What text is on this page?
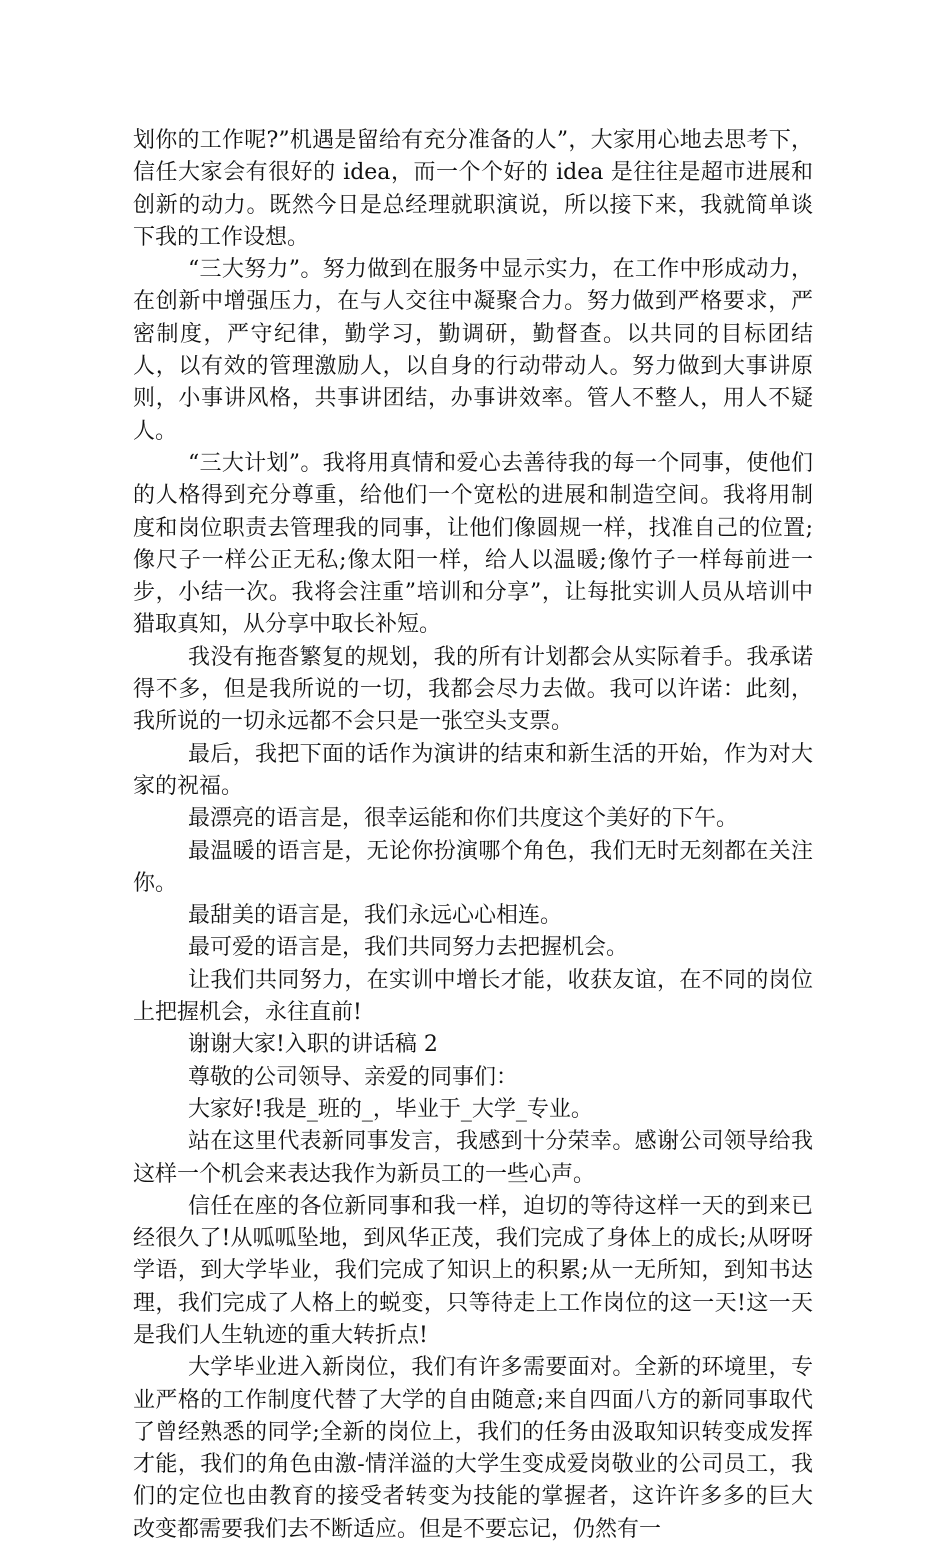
划你的工作呢?”机遇是留给有充分准备的人”，大家用心地去思考下，信任大家会有很好的 idea，而一个个好的 idea 是往往是超市进展和创新的动力。既然今日是总经理就职演说，所以接下来，我就简单谈下我的工作设想。

“三大努力”。努力做到在服务中显示实力，在工作中形成动力，在创新中增强压力，在与人交往中凝聚合力。努力做到严格要求，严密制度，严守纪律，勤学习，勤调研，勤督查。以共同的目标团结人，以有效的管理激励人，以自身的行动带动人。努力做到大事讲原则，小事讲风格，共事讲团结，办事讲效率。管人不整人，用人不疑人。

“三大计划”。我将用真情和爱心去善待我的每一个同事，使他们的人格得到充分尊重，给他们一个宽松的进展和制造空间。我将用制度和岗位职责去管理我的同事，让他们像圆规一样，找准自己的位置;像尺子一样公正无私;像太阳一样，给人以温暖;像竹子一样每前进一步，小结一次。我将会注重”培训和分享”，让每批实训人员从培训中猎取真知，从分享中取长补短。

我没有拖沓繁复的规划，我的所有计划都会从实际着手。我承诺得不多，但是我所说的一切，我都会尽力去做。我可以许诺：此刻，我所说的一切永远都不会只是一张空头支票。

最后，我把下面的话作为演讲的结束和新生活的开始，作为对大家的祝福。

最漂亮的语言是，很幸运能和你们共度这个美好的下午。

最温暖的语言是，无论你扮演哪个角色，我们无时无刻都在关注你。

最甜美的语言是，我们永远心心相连。

最可爱的语言是，我们共同努力去把握机会。

让我们共同努力，在实训中增长才能，收获友谊，在不同的岗位上把握机会，永往直前!

谢谢大家!入职的讲话稿 2

尊敬的公司领导、亲爱的同事们：

大家好!我是_班的_，毕业于_大学_专业。

站在这里代表新同事发言，我感到十分荣幸。感谢公司领导给我这样一个机会来表达我作为新员工的一些心声。

信任在座的各位新同事和我一样，迫切的等待这样一天的到来已经很久了!从呱呱坠地，到风华正茂，我们完成了身体上的成长;从呀呀学语，到大学毕业，我们完成了知识上的积累;从一无所知，到知书达理，我们完成了人格上的蜕变，只等待走上工作岗位的这一天!这一天是我们人生轨迹的重大转折点!

大学毕业进入新岗位，我们有许多需要面对。全新的环境里，专业严格的工作制度代替了大学的自由随意;来自四面八方的新同事取代了曾经熟悉的同学;全新的岗位上，我们的任务由汲取知识转变成发挥才能，我们的角色由激-情洋溢的大学生变成爱岗敬业的公司员工，我们的定位也由教育的接受者转变为技能的掌握者，这许许多多的巨大改变都需要我们去不断适应。但是不要忘记，仍然有一
